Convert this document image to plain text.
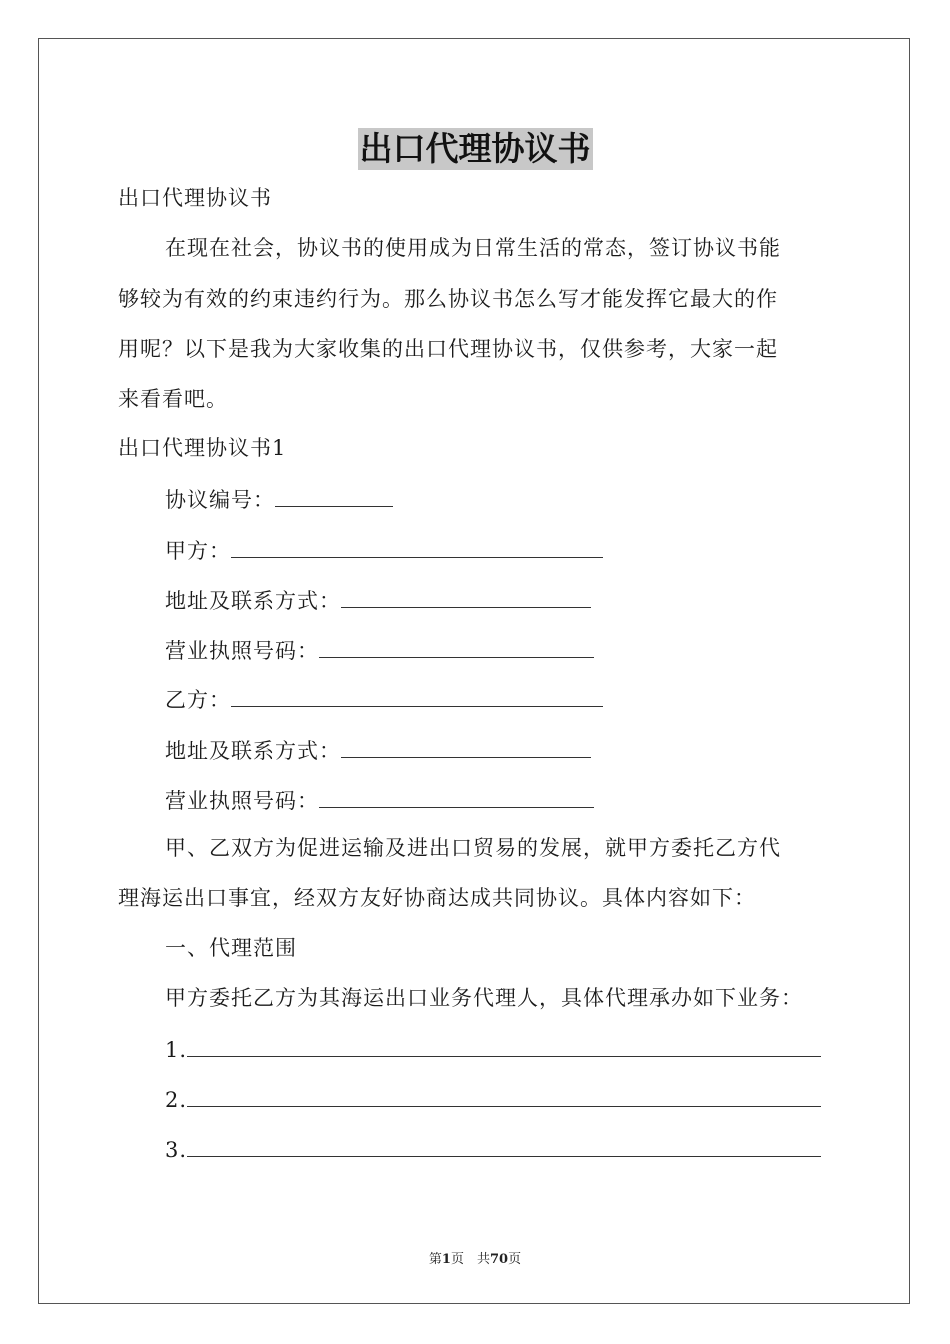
出口代理协议书
出口代理协议书
在现在社会，协议书的使用成为日常生活的常态，签订协议书能
够较为有效的约束违约行为。那么协议书怎么写才能发挥它最大的作
用呢？以下是我为大家收集的出口代理协议书，仅供参考，大家一起
来看看吧。
出口代理协议书1
协议编号：
甲方：
地址及联系方式：
营业执照号码：
乙方：
地址及联系方式：
营业执照号码：
甲、乙双方为促进运输及进出口贸易的发展，就甲方委托乙方代
理海运出口事宜，经双方友好协商达成共同协议。具体内容如下：
一、代理范围
甲方委托乙方为其海运出口业务代理人，具体代理承办如下业务：
1.
2.
3.
第1页　共70页
